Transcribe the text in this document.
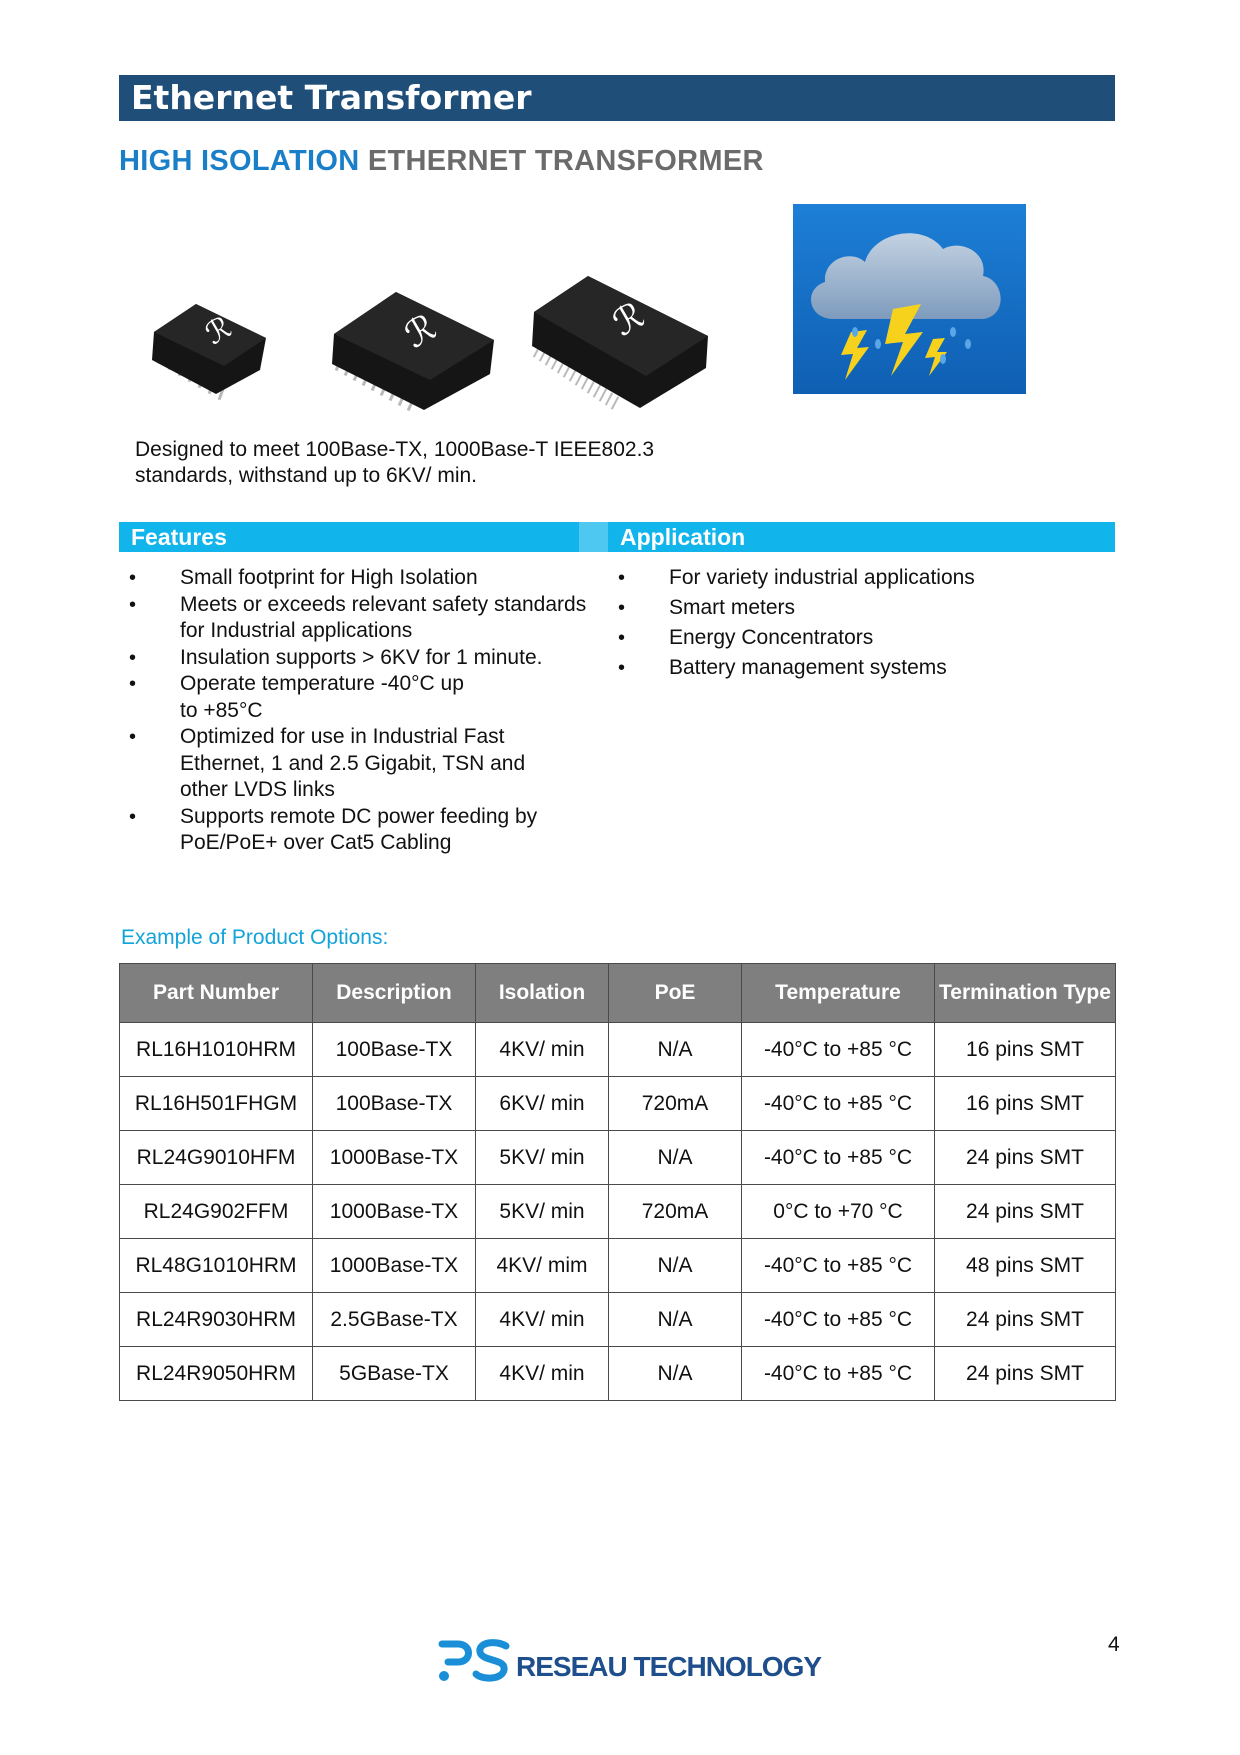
Ethernet Transformer
HIGH ISOLATION ETHERNET TRANSFORMER
ℛ	ℛ	ℛ
Designed to meet 100Base-TX, 1000Base-T IEEE802.3
standards, withstand up to 6KV/ min.
Features	Application
• Small footprint for High Isolation
• Meets or exceeds relevant safety standards for Industrial applications
• Insulation supports > 6KV for 1 minute.
• Operate temperature -40°C up to +85°C
• Optimized for use in Industrial Fast Ethernet, 1 and 2.5 Gigabit, TSN and other LVDS links
• Supports remote DC power feeding by PoE/PoE+ over Cat5 Cabling
• For variety industrial applications
• Smart meters
• Energy Concentrators
• Battery management systems
Example of Product Options:
Part Number	Description	Isolation	PoE	Temperature	Termination Type
RL16H1010HRM	100Base-TX	4KV/ min	N/A	-40°C to +85 °C	16 pins SMT
RL16H501FHGM	100Base-TX	6KV/ min	720mA	-40°C to +85 °C	16 pins SMT
RL24G9010HFM	1000Base-TX	5KV/ min	N/A	-40°C to +85 °C	24 pins SMT
RL24G902FFM	1000Base-TX	5KV/ min	720mA	0°C to +70 °C	24 pins SMT
RL48G1010HRM	1000Base-TX	4KV/ mim	N/A	-40°C to +85 °C	48 pins SMT
RL24R9030HRM	2.5GBase-TX	4KV/ min	N/A	-40°C to +85 °C	24 pins SMT
RL24R9050HRM	5GBase-TX	4KV/ min	N/A	-40°C to +85 °C	24 pins SMT
RESEAU TECHNOLOGY
4
